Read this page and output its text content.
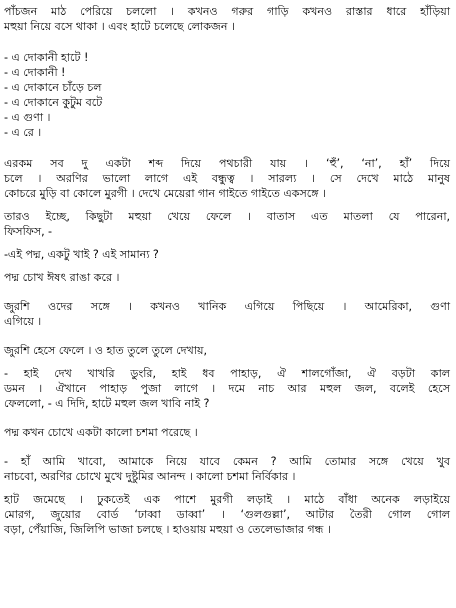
পাঁচজন মাঠ পেরিয়ে চললো । কখনও গরুর গাড়ি কখনও রাস্তার ধারে হাঁড়িয়া
মহুয়া নিয়ে বসে থাকা । এবং হাটে চলেছে লোকজন ।
- এ দোকানী হাটে !
- এ দোকানী !
- এ দোকানে চাঁড়ে চল
- এ দোকানে কুটুম বটে
- এ গুণা ।
- এ রে ।
এরকম সব দু একটা শব্দ দিয়ে পথচারী যায় । ‘হুঁ’, ‘না’, হাঁ’ দিয়ে
চলে । অরণির ভালো লাগে এই বন্ধুত্ব । সারল্য । সে দেখে মাঠে মানুষ
কোচরে মুড়ি বা কোলে মুরগী । দেখে মেয়েরা গান গাইতে গাইতে একসঙ্গে ।
তারও ইচ্ছে, কিছুটা মহুয়া খেয়ে ফেলে । বাতাস এত মাতলা যে পারেনা,
ফিসফিস, -
-এই পদ্ম, একটু খাই ? এই সামান্য ?
পদ্ম চোখ ঈষৎ রাঙা করে ।
জুরশি ওদের সঙ্গে । কখনও খানিক এগিয়ে পিছিয়ে । আমেরিকা, গুণা
এগিয়ে ।
জুরশি হেসে ফেলে । ও হাত তুলে তুলে দেখায়,
- হাই দেখ খাখরি ডুংরি, হাই ধব পাহাড়, ঐ শালগোঁজা, ঐ বড়টা কাল
ডমন । ঐখানে পাহাড় পুজা লাগে । দমে নাচ আর মহুল জল, বলেই হেসে
ফেললো, - এ দিদি, হাটে মহুল জল খাবি নাই ?
পদ্ম কখন চোখে একটা কালো চশমা পরেছে ।
- হাঁ আমি খাবো, আমাকে নিয়ে যাবে কেমন ? আমি তোমার সঙ্গে খেয়ে খুব
নাচবো, অরণির চোখে মুখে দুষ্টুমির আনন্দ । কালো চশমা নির্বিকার ।
হাট জমেছে । ঢুকতেই এক পাশে মুরগী লড়াই । মাঠে বাঁধা অনেক লড়াইয়ে
মোরগ, জুয়োর বোর্ড ‘ঢাব্বা ডাব্বা’ । ‘গুলগুল্লা’, আটার তৈরী গোল গোল
বড়া, পেঁয়াজি, জিলিপি ভাজা চলছে । হাওয়ায় মহুয়া ও তেলেভাজার গন্ধ ।
